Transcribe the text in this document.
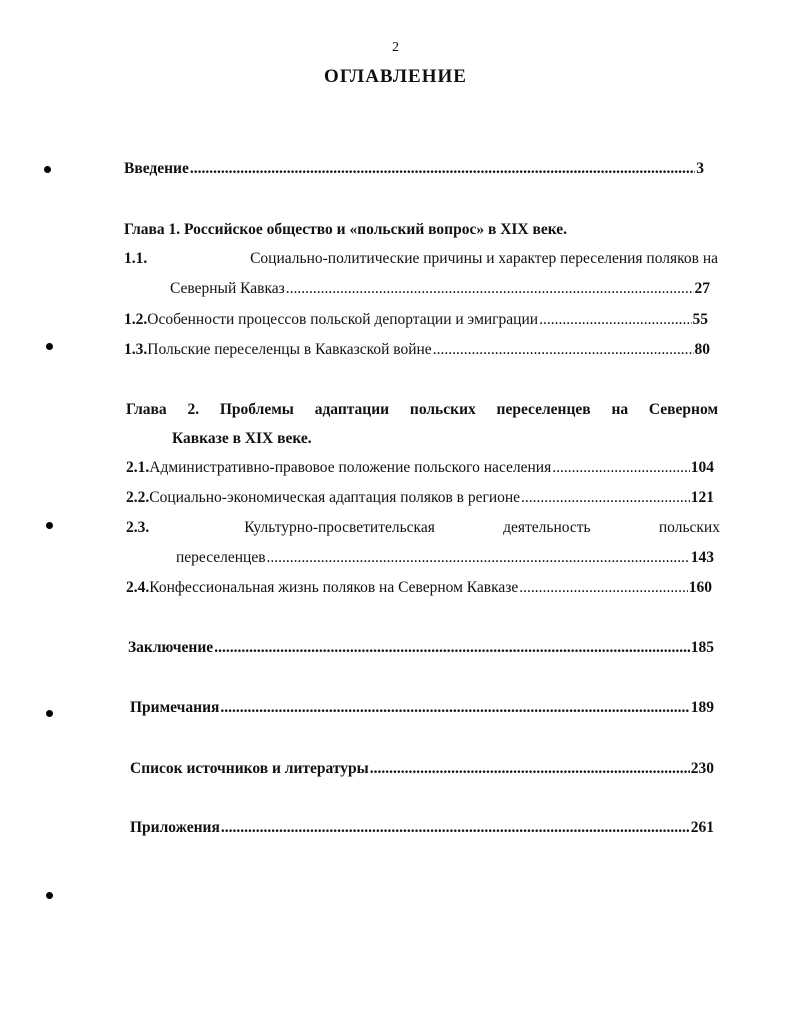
2
ОГЛАВЛЕНИЕ
Введение .....	3
Глава 1. Российское общество и «польский вопрос» в XIX веке.
1.1.	Социально-политические причины и характер переселения поляков на
Северный Кавказ .....	27
1.2. Особенности процессов польской депортации и эмиграции .....	55
1.3. Польские переселенцы в Кавказской войне .....	80
Глава 2. Проблемы адаптации польских переселенцев на Северном
Кавказе в XIX веке.
2.1. Административно-правовое положение польского населения .....	104
2.2. Социально-экономическая адаптация поляков в регионе .....	121
2.3.	Культурно-просветительская	деятельность	польских
переселенцев .....	143
2.4. Конфессиональная жизнь поляков на Северном Кавказе .....	160
Заключение .....	185
Примечания .....	189
Список источников и литературы .....	230
Приложения .....	261
